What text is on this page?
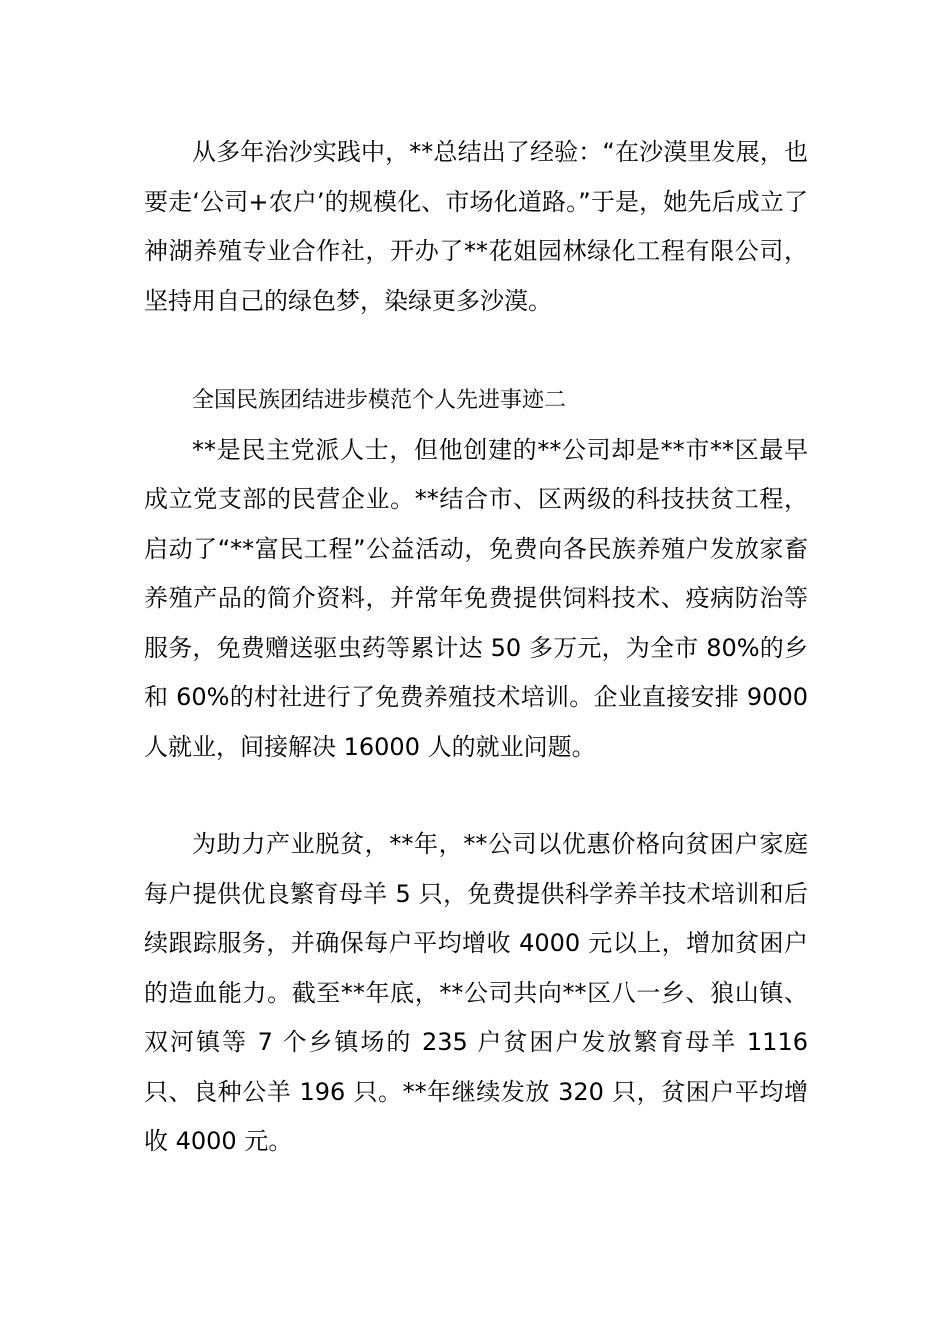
从多年治沙实践中，**总结出了经验：“在沙漠里发展，也要走‘公司+农户’的规模化、市场化道路。”于是，她先后成立了神湖养殖专业合作社，开办了**花姐园林绿化工程有限公司，坚持用自己的绿色梦，染绿更多沙漠。

全国民族团结进步模范个人先进事迹二

**是民主党派人士，但他创建的**公司却是**市**区最早成立党支部的民营企业。**结合市、区两级的科技扶贫工程，启动了“**富民工程”公益活动，免费向各民族养殖户发放家畜养殖产品的简介资料，并常年免费提供饲料技术、疫病防治等服务，免费赠送驱虫药等累计达 50 多万元，为全市 80%的乡和 60%的村社进行了免费养殖技术培训。企业直接安排 9000 人就业，间接解决 16000 人的就业问题。

为助力产业脱贫，**年，**公司以优惠价格向贫困户家庭每户提供优良繁育母羊 5 只，免费提供科学养羊技术培训和后续跟踪服务，并确保每户平均增收 4000 元以上，增加贫困户的造血能力。截至**年底，**公司共向**区八一乡、狼山镇、双河镇等 7 个乡镇场的 235 户贫困户发放繁育母羊 1116 只、良种公羊 196 只。**年继续发放 320 只，贫困户平均增收 4000 元。
